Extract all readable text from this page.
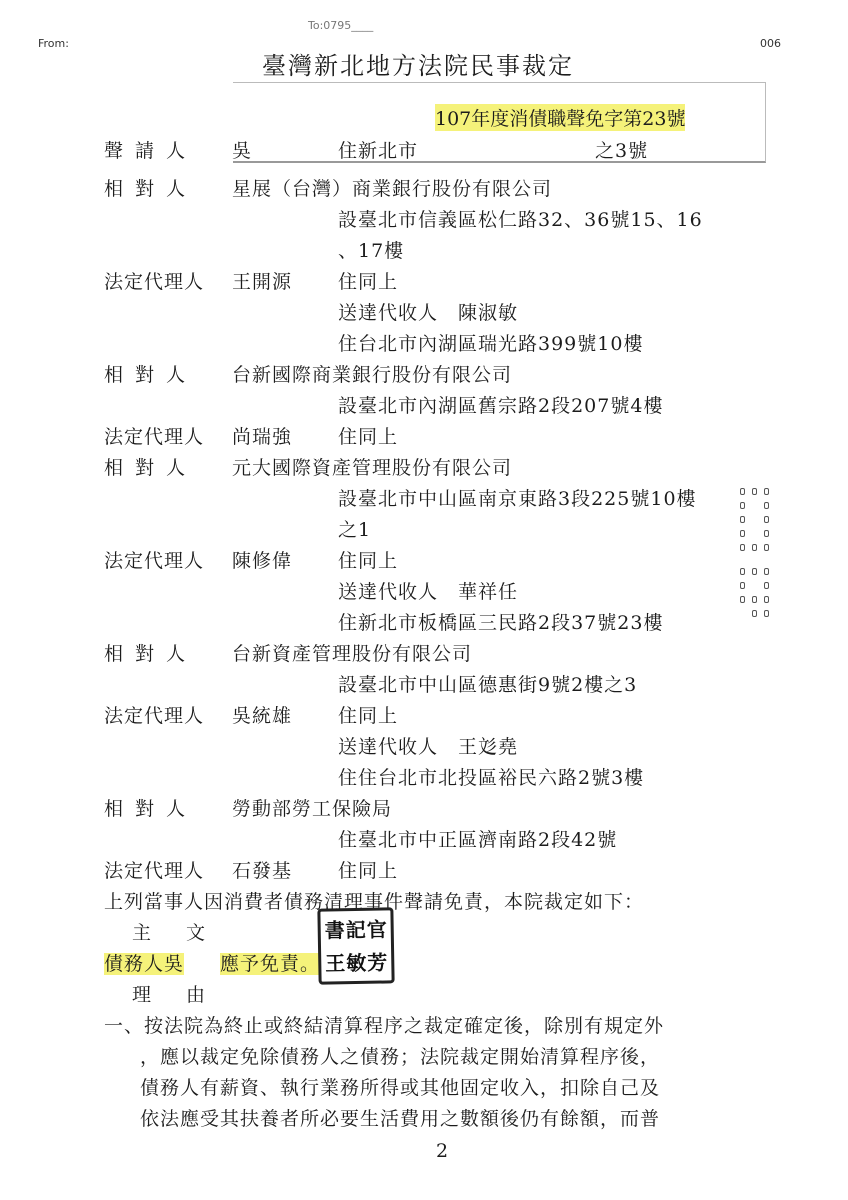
From:
To:0795____
006
臺灣新北地方法院民事裁定
107年度消債職聲免字第23號
聲請人 吳	住新北市	之3號
相對人 星展（台灣）商業銀行股份有限公司
設臺北市信義區松仁路32、36號15、16
、17樓
法定代理人 王開源 住同上
送達代收人　陳淑敏
住台北市內湖區瑞光路399號10樓
相對人 台新國際商業銀行股份有限公司
設臺北市內湖區舊宗路2段207號4樓
法定代理人 尚瑞強 住同上
相對人 元大國際資產管理股份有限公司
設臺北市中山區南京東路3段225號10樓
之1
法定代理人 陳修偉 住同上
送達代收人　華祥任
住新北市板橋區三民路2段37號23樓
相對人 台新資產管理股份有限公司
設臺北市中山區德惠街9號2樓之3
法定代理人 吳統雄 住同上
送達代收人　王彣堯
住住台北市北投區裕民六路2號3樓
相對人 勞動部勞工保險局
住臺北市中正區濟南路2段42號
法定代理人 石發基 住同上
上列當事人因消費者債務清理事件聲請免責，本院裁定如下：
主　文
債務人吳 應予免責。
書記官
王敏芳
理　由
一、按法院為終止或終結清算程序之裁定確定後，除別有規定外
，應以裁定免除債務人之債務；法院裁定開始清算程序後，
債務人有薪資、執行業務所得或其他固定收入，扣除自己及
依法應受其扶養者所必要生活費用之數額後仍有餘額，而普
2
